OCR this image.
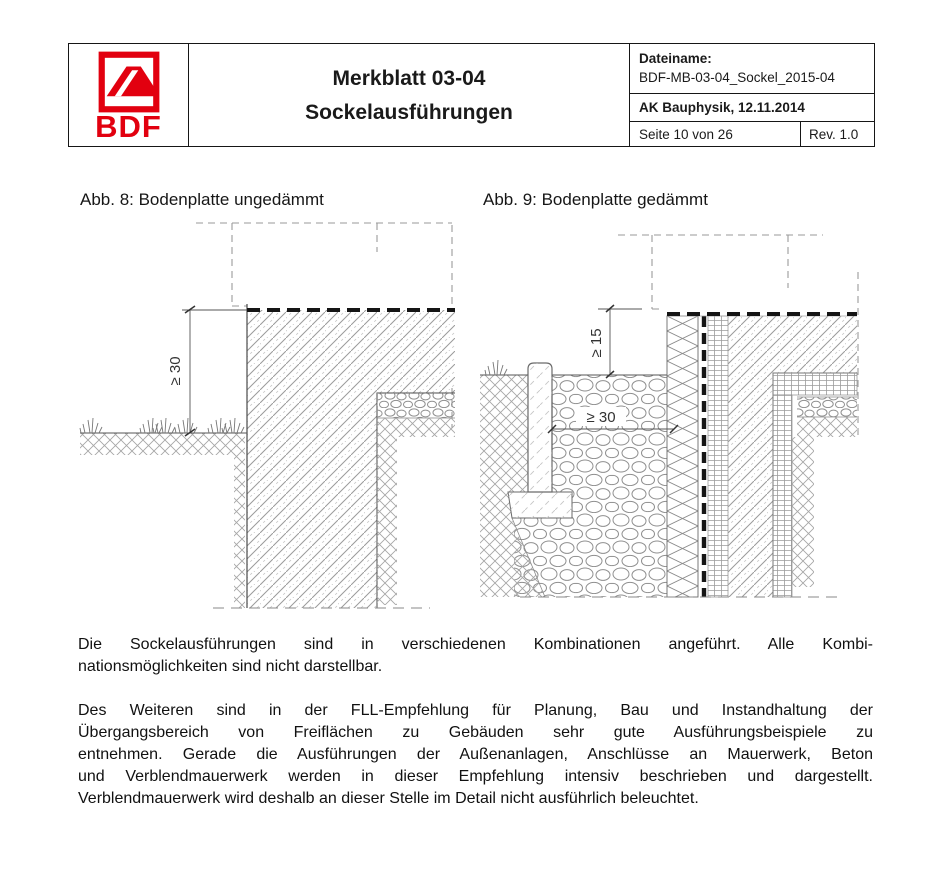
BDF
Merkblatt 03-04
Sockelausführungen
Dateiname:
BDF-MB-03-04_Sockel_2015-04
AK Bauphysik, 12.11.2014
Seite 10 von 26	Rev. 1.0
Abb. 8: Bodenplatte ungedämmt	Abb. 9: Bodenplatte gedämmt
≥ 30
≥ 15
≥ 30
Die Sockelausführungen sind in verschiedenen Kombinationen angeführt. Alle Kombi-
nationsmöglichkeiten sind nicht darstellbar.
Des Weiteren sind in der FLL-Empfehlung für Planung, Bau und Instandhaltung der
Übergangsbereich von Freiflächen zu Gebäuden sehr gute Ausführungsbeispiele zu
entnehmen. Gerade die Ausführungen der Außenanlagen, Anschlüsse an Mauerwerk, Beton
und Verblendmauerwerk werden in dieser Empfehlung intensiv beschrieben und dargestellt.
Verblendmauerwerk wird deshalb an dieser Stelle im Detail nicht ausführlich beleuchtet.
